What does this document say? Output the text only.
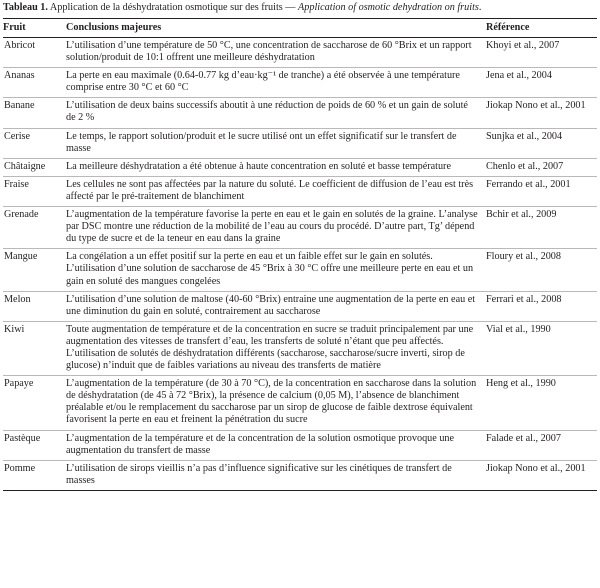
Tableau 1. Application de la déshydratation osmotique sur des fruits — Application of osmotic dehydration on fruits.

Fruit	Conclusions majeures	Référence
Abricot	L’utilisation d’une température de 50 °C, une concentration de saccharose de 60 °Brix et un rapport solution/produit de 10:1 offrent une meilleure déshydratation	Khoyi et al., 2007
Ananas	La perte en eau maximale (0.64-0.77 kg d’eau·kg⁻¹ de tranche) a été observée à une température comprise entre 30 °C et 60 °C	Jena et al., 2004
Banane	L’utilisation de deux bains successifs aboutit à une réduction de poids de 60 % et un gain de soluté de 2 %	Jiokap Nono et al., 2001
Cerise	Le temps, le rapport solution/produit et le sucre utilisé ont un effet significatif sur le transfert de masse	Sunjka et al., 2004
Châtaigne	La meilleure déshydratation a été obtenue à haute concentration en soluté et basse température	Chenlo et al., 2007
Fraise	Les cellules ne sont pas affectées par la nature du soluté. Le coefficient de diffusion de l’eau est très affecté par le pré-traitement de blanchiment	Ferrando et al., 2001
Grenade	L’augmentation de la température favorise la perte en eau et le gain en solutés de la graine. L’analyse par DSC montre une réduction de la mobilité de l’eau au cours du procédé. D’autre part, Tg’ dépend du type de sucre et de la teneur en eau dans la graine	Bchir et al., 2009
Mangue	La congélation a un effet positif sur la perte en eau et un faible effet sur le gain en solutés. L’utilisation d’une solution de saccharose de 45 °Brix à 30 °C offre une meilleure perte en eau et un gain en soluté des mangues congelées	Floury et al., 2008
Melon	L’utilisation d’une solution de maltose (40-60 °Brix) entraine une augmentation de la perte en eau et une diminution du gain en soluté, contrairement au saccharose	Ferrari et al., 2008
Kiwi	Toute augmentation de température et de la concentration en sucre se traduit principalement par une augmentation des vitesses de transfert d’eau, les transferts de soluté n’étant que peu affectés. L’utilisation de solutés de déshydratation différents (saccharose, saccharose/sucre inverti, sirop de glucose) n’induit que de faibles variations au niveau des transferts de matière	Vial et al., 1990
Papaye	L’augmentation de la température (de 30 à 70 °C), de la concentration en saccharose dans la solution de déshydratation (de 45 à 72 °Brix), la présence de calcium (0,05 M), l’absence de blanchiment préalable et/ou le remplacement du saccharose par un sirop de glucose de faible dextrose équivalent favorisent la perte en eau et freinent la pénétration du sucre	Heng et al., 1990
Pastèque	L’augmentation de la température et de la concentration de la solution osmotique provoque une augmentation du transfert de masse	Falade et al., 2007
Pomme	L’utilisation de sirops vieillis n’a pas d’influence significative sur les cinétiques de transfert de masses	Jiokap Nono et al., 2001
